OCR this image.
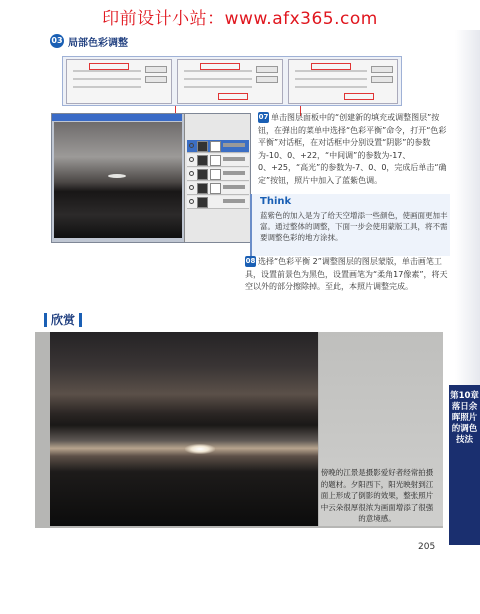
印前设计小站：www.afx365.com
03 局部色彩调整
07 单击图层面板中的“创建新的填充或调整图层”按钮，在弹出的菜单中选择“色彩平衡”命令，打开“色彩平衡”对话框，在对话框中分别设置“阴影”的参数为-10、0、+22，“中间调”的参数为-17、0、+25，“高光”的参数为-7、0、0，完成后单击“确定”按钮，照片中加入了蓝紫色调。
Think
蓝紫色的加入是为了给天空增添一些颜色，使画面更加丰富。通过整体的调整，下面一步会使用蒙版工具，将不需要调整色彩的地方涂抹。
08 选择“色彩平衡 2”调整图层的图层蒙版，单击画笔工具，设置前景色为黑色，设置画笔为“柔角17像素”，将天空以外的部分擦除掉。至此，本照片调整完成。
欣赏
傍晚的江景是摄影爱好者经常拍摄的题材。夕阳西下，阳光映射到江面上形成了倒影的效果，整张照片中云朵很厚很浓为画面增添了很强的意境感。
第10章 落日余晖照片的调色技法
205
